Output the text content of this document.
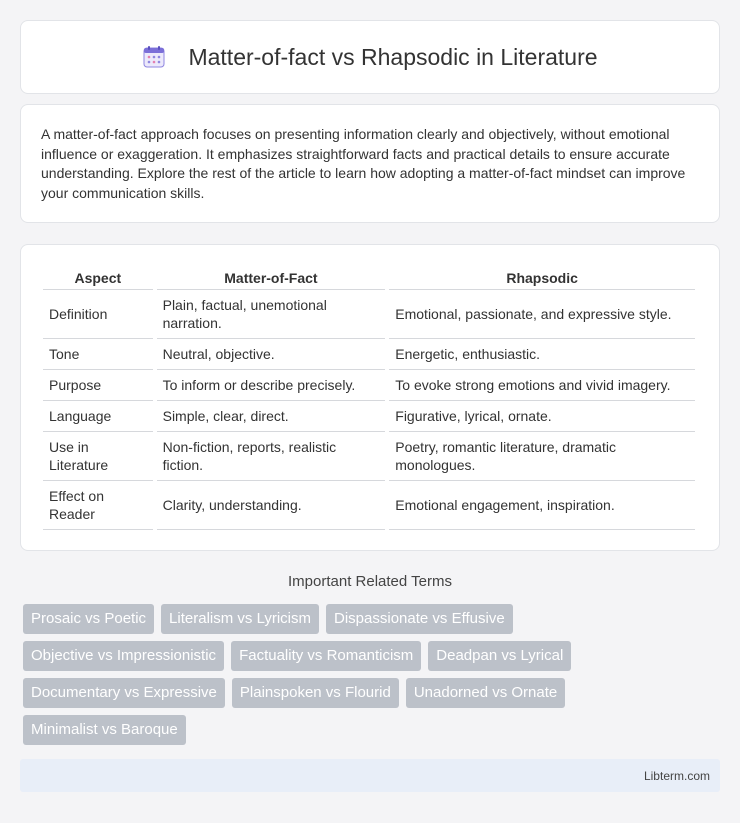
Matter-of-fact vs Rhapsodic in Literature

A matter-of-fact approach focuses on presenting information clearly and objectively, without emotional influence or exaggeration. It emphasizes straightforward facts and practical details to ensure accurate understanding. Explore the rest of the article to learn how adopting a matter-of-fact mindset can improve your communication skills.

Aspect	Matter-of-Fact	Rhapsodic
Definition	Plain, factual, unemotional narration.	Emotional, passionate, and expressive style.
Tone	Neutral, objective.	Energetic, enthusiastic.
Purpose	To inform or describe precisely.	To evoke strong emotions and vivid imagery.
Language	Simple, clear, direct.	Figurative, lyrical, ornate.
Use in Literature	Non-fiction, reports, realistic fiction.	Poetry, romantic literature, dramatic monologues.
Effect on Reader	Clarity, understanding.	Emotional engagement, inspiration.
Important Related Terms
Prosaic vs Poetic	Literalism vs Lyricism	Dispassionate vs Effusive
Objective vs Impressionistic	Factuality vs Romanticism	Deadpan vs Lyrical
Documentary vs Expressive	Plainspoken vs Flourid	Unadorned vs Ornate
Minimalist vs Baroque
Libterm.com
